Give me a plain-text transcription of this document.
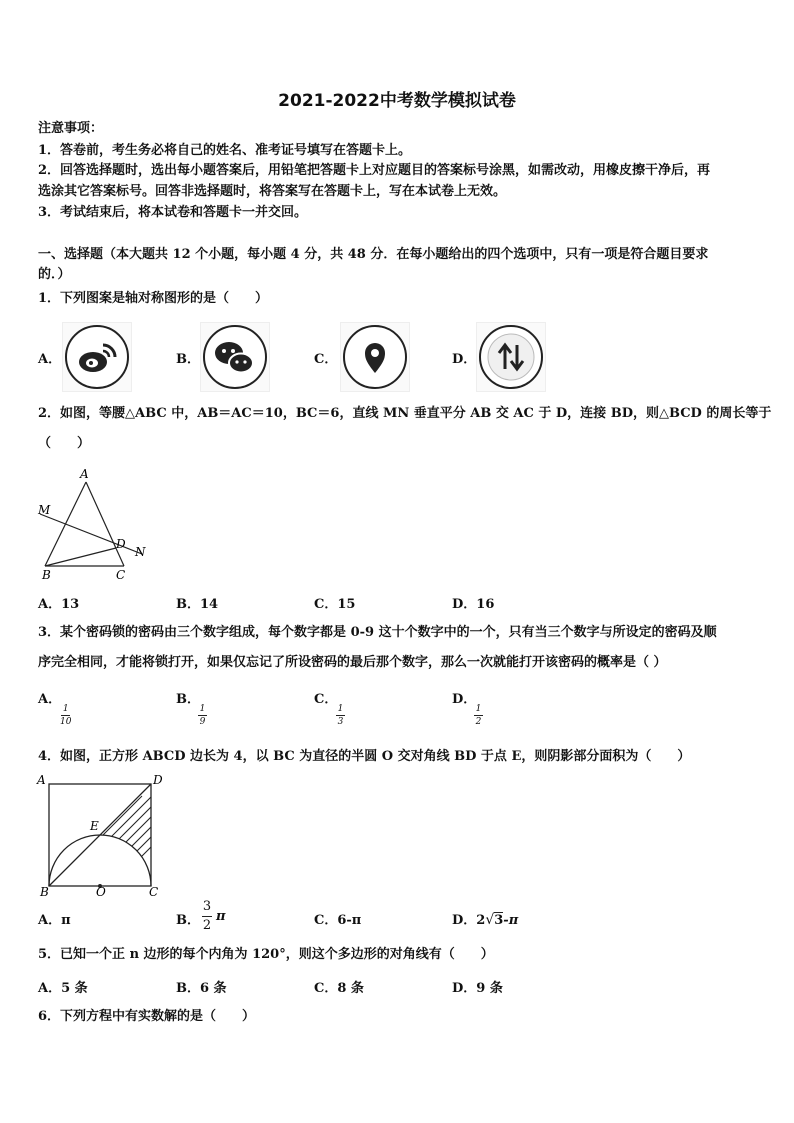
2021-2022中考数学模拟试卷
注意事项：
1．答卷前，考生务必将自己的姓名、准考证号填写在答题卡上。
2．回答选择题时，选出每小题答案后，用铅笔把答题卡上对应题目的答案标号涂黑，如需改动，用橡皮擦干净后，再
选涂其它答案标号。回答非选择题时，将答案写在答题卡上，写在本试卷上无效。
3．考试结束后，将本试卷和答题卡一并交回。
一、选择题（本大题共 12 个小题，每小题 4 分，共 48 分．在每小题给出的四个选项中，只有一项是符合题目要求
的．）
1．下列图案是轴对称图形的是（　　）
A．	B．	C．	D．
2．如图，等腰△ABC 中，AB＝AC＝10，BC＝6，直线 MN 垂直平分 AB 交 AC 于 D，连接 BD，则△BCD 的周长等于
（　　）
A
M
D
N
B	C
A．13	B．14	C．15	D．16
3．某个密码锁的密码由三个数字组成，每个数字都是 0-9 这十个数字中的一个，只有当三个数字与所设定的密码及顺
序完全相同，才能将锁打开，如果仅忘记了所设密码的最后那个数字，那么一次就能打开该密码的概率是（ ）
A．
1
10
B．
1
9
C．
1
3
D．
1
2
4．如图，正方形 ABCD 边长为 4，以 BC 为直径的半圆 O 交对角线 BD 于点 E，则阴影部分面积为（　　）
A	D
E
B	O	C
A．π	B．
3
2
π	C．6-π	D．2√3-π
5．已知一个正 n 边形的每个内角为 120°，则这个多边形的对角线有（　　）
A．5 条	B．6 条	C．8 条	D．9 条
6．下列方程中有实数解的是（　　）
